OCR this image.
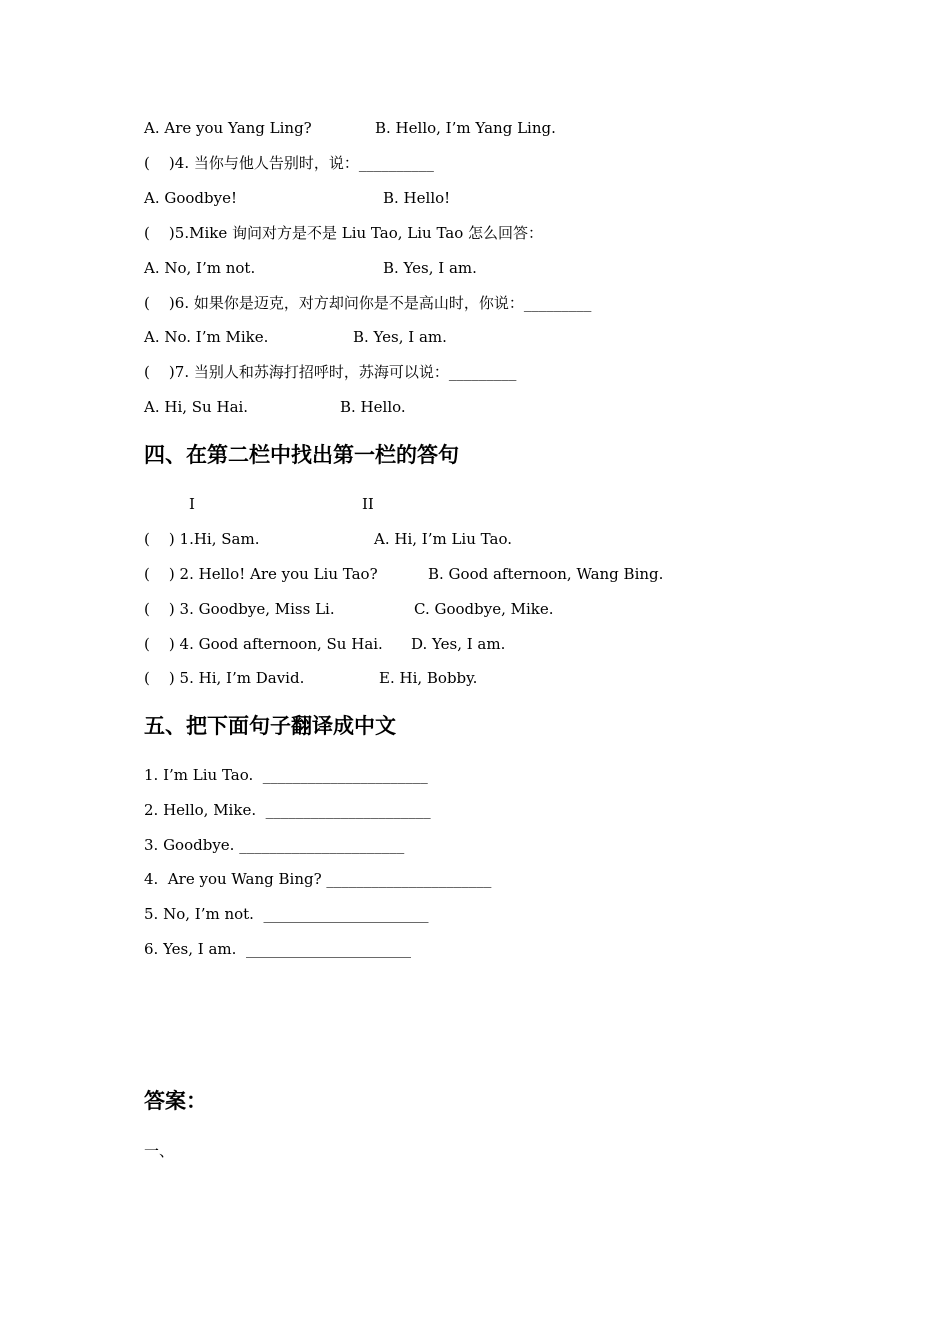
A. Are you Yang Ling?	B. Hello, I’m Yang Ling.
(    )4. 当你与他人告别时，说：__________
A. Goodbye!	B. Hello!
(    )5.Mike 询问对方是不是 Liu Tao, Liu Tao 怎么回答：
A. No, I’m not.	B. Yes, I am.
(    )6. 如果你是迈克，对方却问你是不是高山时，你说：_________
A. No. I’m Mike.	B. Yes, I am.
(    )7. 当别人和苏海打招呼时，苏海可以说：_________
A. Hi, Su Hai.	B. Hello.
四、在第二栏中找出第一栏的答句
I	II
(    ) 1.Hi, Sam.	A. Hi, I’m Liu Tao.
(    ) 2. Hello! Are you Liu Tao?	B. Good afternoon, Wang Bing.
(    ) 3. Goodbye, Miss Li.	C. Goodbye, Mike.
(    ) 4. Good afternoon, Su Hai. D. Yes, I am.
(    ) 5. Hi, I’m David.	E. Hi, Bobby.
五、把下面句子翻译成中文
1. I’m Liu Tao.  ______________________
2. Hello, Mike.  ______________________
3. Goodbye. ______________________
4.  Are you Wang Bing? ______________________
5. No, I’m not.  ______________________
6. Yes, I am.  ______________________
答案：
一、
